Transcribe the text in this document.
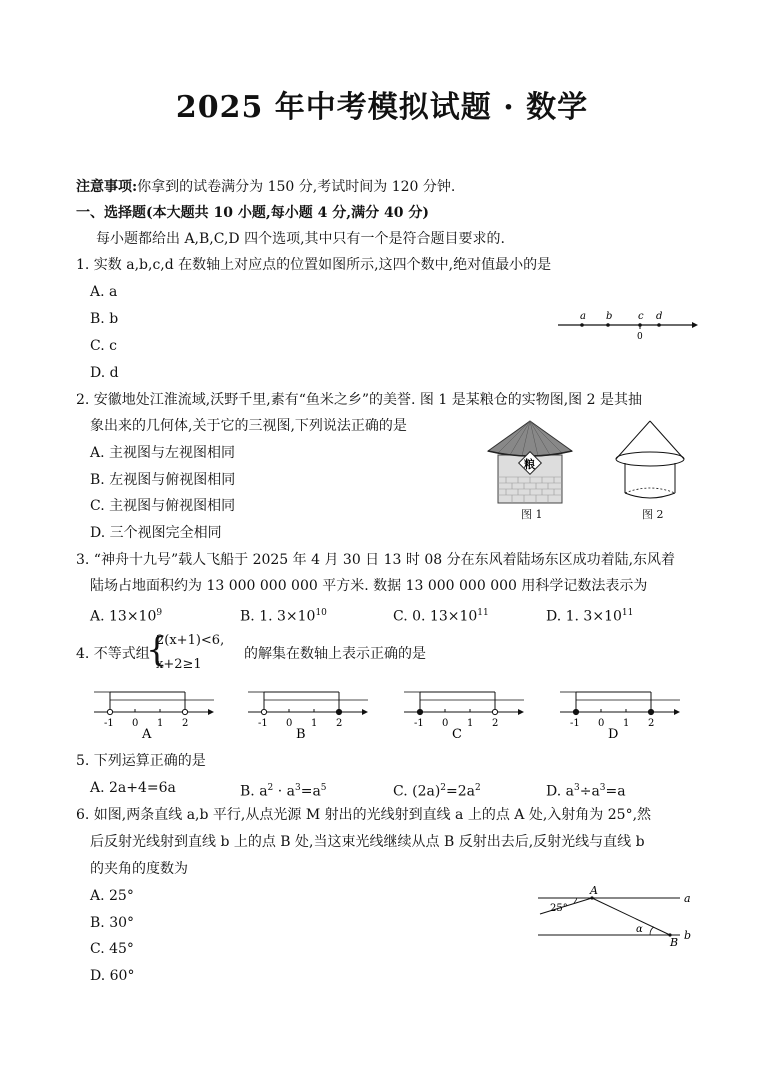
2025 年中考模拟试题 · 数学
注意事项:你拿到的试卷满分为 150 分,考试时间为 120 分钟.
一、选择题(本大题共 10 小题,每小题 4 分,满分 40 分)
每小题都给出 A,B,C,D 四个选项,其中只有一个是符合题目要求的.
1. 实数 a,b,c,d 在数轴上对应点的位置如图所示,这四个数中,绝对值最小的是
A. a
B. b
C. c
D. d
a b	c d
0
2. 安徽地处江淮流域,沃野千里,素有“鱼米之乡”的美誉. 图 1 是某粮仓的实物图,图 2 是其抽
象出来的几何体,关于它的三视图,下列说法正确的是
A. 主视图与左视图相同
B. 左视图与俯视图相同
C. 主视图与俯视图相同
D. 三个视图完全相同
粮
图 1	图 2
3. “神舟十九号”载人飞船于 2025 年 4 月 30 日 13 时 08 分在东风着陆场东区成功着陆,东风着
陆场占地面积约为 13 000 000 000 平方米. 数据 13 000 000 000 用科学记数法表示为
A. $13\times 10^9$	B. 1. $3\times 10^{10}$	C. 0. $13\times 10^{11}$	D. 1. $3\times 10^{11}$
4. 不等式组
{
2(x+1)<6,
x+2≥1
的解集在数轴上表示正确的是
-1 0 1 2
A
-1 0 1 2
B
-1 0 1 2
C
-1 0 1 2
D
5. 下列运算正确的是
A. 2a+4=6a	B. $a^2 \cdot a^3=a^5$	C. $(2a)^2=2a^2$	D. $a^3\div a^3=a$
6. 如图,两条直线 a,b 平行,从点光源 M 射出的光线射到直线 a 上的点 A 处,入射角为 25°,然
后反射光线射到直线 b 上的点 B 处,当这束光线继续从点 B 反射出去后,反射光线与直线 b
的夹角的度数为
A. 25°
B. 30°
C. 45°
D. 60°
A
B
a
b
25°
α
